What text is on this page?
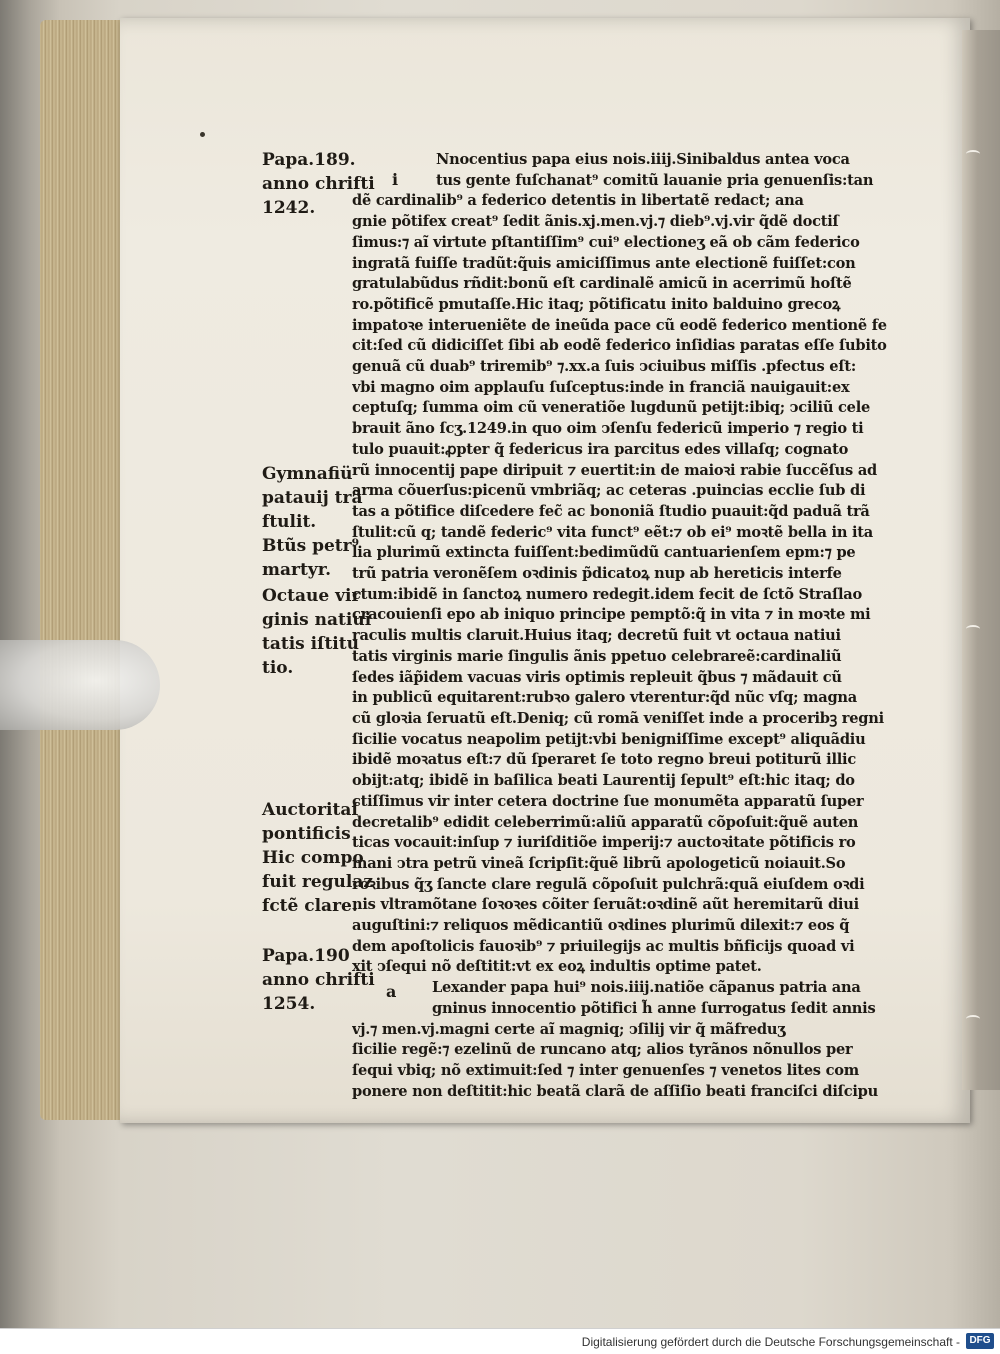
Papa.189.
anno chrifti
1242.
Gymnafiü
patauij trã
ftulit.
Btũs petr⁹
martyr.
Octaue vir
ginis natiui
tatis iſtitu
tio.
Auctoritaſ
pontificis
Hic compo
fuit regulaz
fctẽ clare.
Papa.190
anno chrifti
1254.
i
a
Nnocentius papa eius nois.iiij.Sinibaldus antea voca
tus gente fuſchanat⁹ comitũ lauanie pria genuenſis:tan
dẽ cardinalib⁹ a federico detentis in libertatẽ redact; ana
gnie põtifex creat⁹ ſedit ãnis.xj.men.vj.⁊ dieb⁹.vj.vir q̃dẽ doctiſ
ſimus:⁊ aĩ virtute pſtantiſſim⁹ cui⁹ electioneʒ eã ob cãm federico
ingratã fuiſſe tradũt:q̃uis amiciſſimus ante electionẽ fuiſſet:con
gratulabũdus rñdit:bonũ eſt cardinalẽ amicũ in acerrimũ hoſtẽ
ro.põtificẽ pmutaſſe.Hic itaq; põtificatu inito balduino grecoꝝ
impatoꝛe interueniẽte de ineũda pace cũ eodẽ federico mentionẽ fe
cit:ſed cũ didiciſſet ſibi ab eodẽ federico inſidias paratas eſſe ſubito
genuã cũ duab⁹ triremib⁹ ⁊.xx.a ſuis ↄciuibus miſſis .pfectus eſt:
vbi magno oim applauſu ſuſceptus:inde in franciã nauigauit:ex
ceptuſq; ſumma oim cũ veneratiõe lugdunũ petijt:ibiq; ↄciliũ cele
brauit ãno ſcʒ.1249.in quo oim ↄſenſu federicũ imperio ⁊ regio ti
tulo puauit:ꝓpter q̃ federicus ira parcitus edes villaſq; cognato
rũ innocentij pape diripuit ⁊ euertit:in de maioꝛi rabie ſuccẽſus ad
arma cõuerſus:picenũ vmbriãq; ac ceteras .puincias ecclie ſub di
tas a põtifice diſcedere fec̃ ac bononiã ſtudio puauit:q̃d paduã trã
ſtulit:cũ q; tandẽ federic⁹ vita funct⁹ eẽt:⁊ ob ei⁹ moꝛtẽ bella in ita
lia plurimũ extincta fuiſſent:bedimũdũ cantuarienſem epm:⁊ pe
trũ patria veronẽſem oꝛdinis p̃dicatoꝝ nup ab hereticis interfe
ctum:ibidẽ in ſanctoꝝ numero redegit.idem fecit de ſctõ Straſlao
cracouienſi epo ab iniquo principe pemptõ:q̃ in vita ⁊ in moꝛte mi
raculis multis claruit.Huius itaq; decretũ fuit vt octaua natiui
tatis virginis marie ſingulis ãnis ppetuo celebrareẽ:cardinaliũ
ſedes iãp̃idem vacuas viris optimis repleuit q̃bus ⁊ mãdauit cũ
in publicũ equitarent:rubꝛo galero vterentur:q̃d nũc vſq; magna
cũ gloꝛia ſeruatũ eſt.Deniq; cũ romã veniſſet inde a proceribꝫ regni
ſicilie vocatus neapolim petijt:vbi benigniſſime except⁹ aliquãdiu
ibidẽ moꝛatus eſt:⁊ dũ ſperaret ſe toto regno breui potiturũ illic
obijt:atq; ibidẽ in baſilica beati Laurentij ſepult⁹ eſt:hic itaq; do
ctiſſimus vir inter cetera doctrine ſue monumẽta apparatũ ſuper
decretalib⁹ edidit celeberrimũ:aliũ apparatũ cõpoſuit:q̃uẽ auten
ticas vocauit:inſup ⁊ iuriſditiõe imperij:⁊ auctoꝛitate põtificis ro
mani ↄtra petrũ vineã ſcripſit:q̃uẽ librũ apologeticũ noiauit.So
roꝛibus q̃ʒ ſancte clare regulã cõpoſuit pulchrã:quã eiuſdem oꝛdi
nis vltramõtane ſoꝛoꝛes cõiter ſeruãt:oꝛdinẽ aũt heremitarũ diui
auguſtini:⁊ reliquos mẽdicantiũ oꝛdines plurimũ dilexit:⁊ eos q̃
dem apoſtolicis fauoꝛib⁹ ⁊ priuilegijs ac multis bñficijs quoad vi
xit ↄſequi nõ deſtitit:vt ex eoꝝ indultis optime patet.
Lexander papa hui⁹ nois.iiij.natiõe cãpanus patria ana
gninus innocentio põtifici h̃ anne ſurrogatus ſedit annis
vj.⁊ men.vj.magni certe aĩ magniq; ↄſilij vir q̃ mãfreduʒ
ſicilie regẽ:⁊ ezelinũ de runcano atq; alios tyrãnos nõnullos per
ſequi vbiq; nõ extimuit:ſed ⁊ inter genuenſes ⁊ venetos lites com
ponere non deſtitit:hic beatã clarã de aſſiſio beati franciſci diſcipu
Digitalisierung gefördert durch die Deutsche Forschungsgemeinschaft - DFG
